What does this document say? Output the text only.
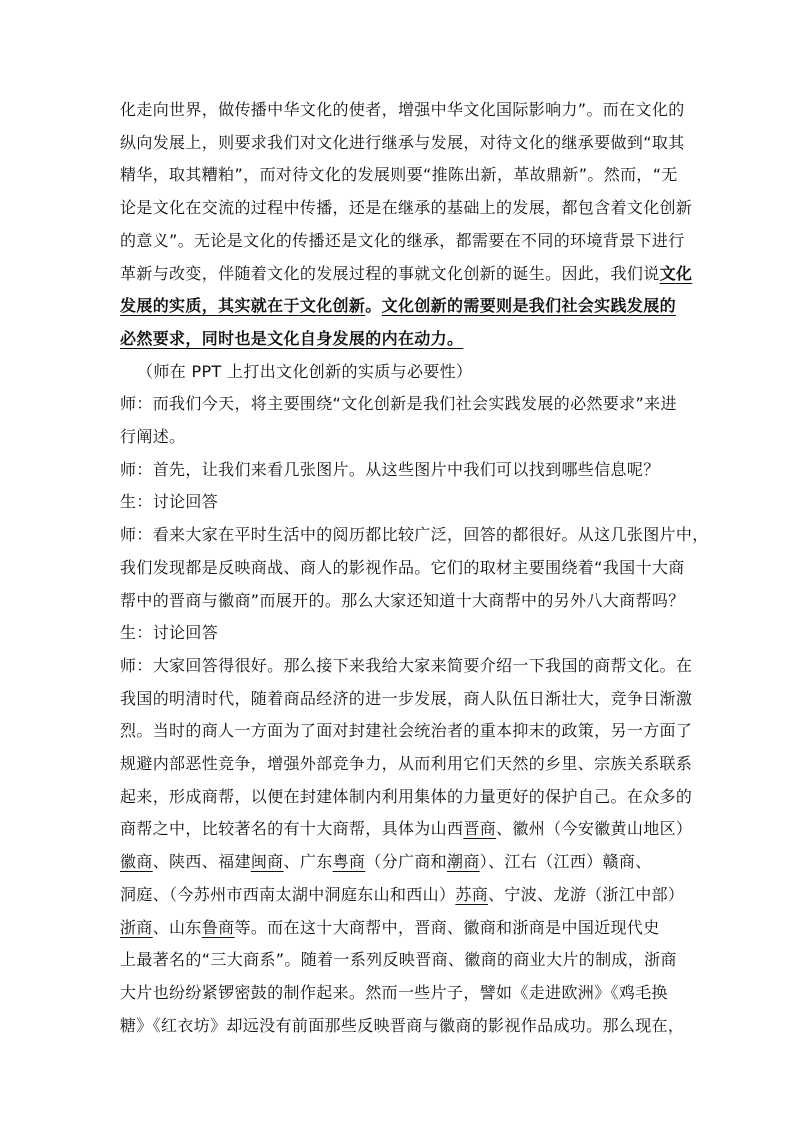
化走向世界，做传播中华文化的使者，增强中华文化国际影响力”。而在文化的
纵向发展上，则要求我们对文化进行继承与发展，对待文化的继承要做到“取其
精华，取其糟粕”，而对待文化的发展则要“推陈出新，革故鼎新”。然而，“无
论是文化在交流的过程中传播，还是在继承的基础上的发展，都包含着文化创新
的意义”。无论是文化的传播还是文化的继承，都需要在不同的环境背景下进行
革新与改变，伴随着文化的发展过程的事就文化创新的诞生。因此，我们说文化
发展的实质，其实就在于文化创新。文化创新的需要则是我们社会实践发展的
必然要求，同时也是文化自身发展的内在动力。
（师在 PPT 上打出文化创新的实质与必要性）
师：而我们今天，将主要围绕“文化创新是我们社会实践发展的必然要求”来进
行阐述。
师：首先，让我们来看几张图片。从这些图片中我们可以找到哪些信息呢？
生：讨论回答
师：看来大家在平时生活中的阅历都比较广泛，回答的都很好。从这几张图片中，
我们发现都是反映商战、商人的影视作品。它们的取材主要围绕着“我国十大商
帮中的晋商与徽商”而展开的。那么大家还知道十大商帮中的另外八大商帮吗？
生：讨论回答
师：大家回答得很好。那么接下来我给大家来简要介绍一下我国的商帮文化。在
我国的明清时代，随着商品经济的进一步发展，商人队伍日渐壮大，竞争日渐激
烈。当时的商人一方面为了面对封建社会统治者的重本抑末的政策，另一方面了
规避内部恶性竞争，增强外部竞争力，从而利用它们天然的乡里、宗族关系联系
起来，形成商帮，以便在封建体制内利用集体的力量更好的保护自己。在众多的
商帮之中，比较著名的有十大商帮，具体为山西晋商、徽州（今安徽黄山地区）
徽商、陕西、福建闽商、广东粤商（分广商和潮商）、江右（江西）赣商、
洞庭、（今苏州市西南太湖中洞庭东山和西山）苏商、宁波、龙游（浙江中部）
浙商、山东鲁商等。而在这十大商帮中，晋商、徽商和浙商是中国近现代史
上最著名的“三大商系”。随着一系列反映晋商、徽商的商业大片的制成，浙商
大片也纷纷紧锣密鼓的制作起来。然而一些片子，譬如《走进欧洲》《鸡毛换
糖》《红衣坊》却远没有前面那些反映晋商与徽商的影视作品成功。那么现在，
